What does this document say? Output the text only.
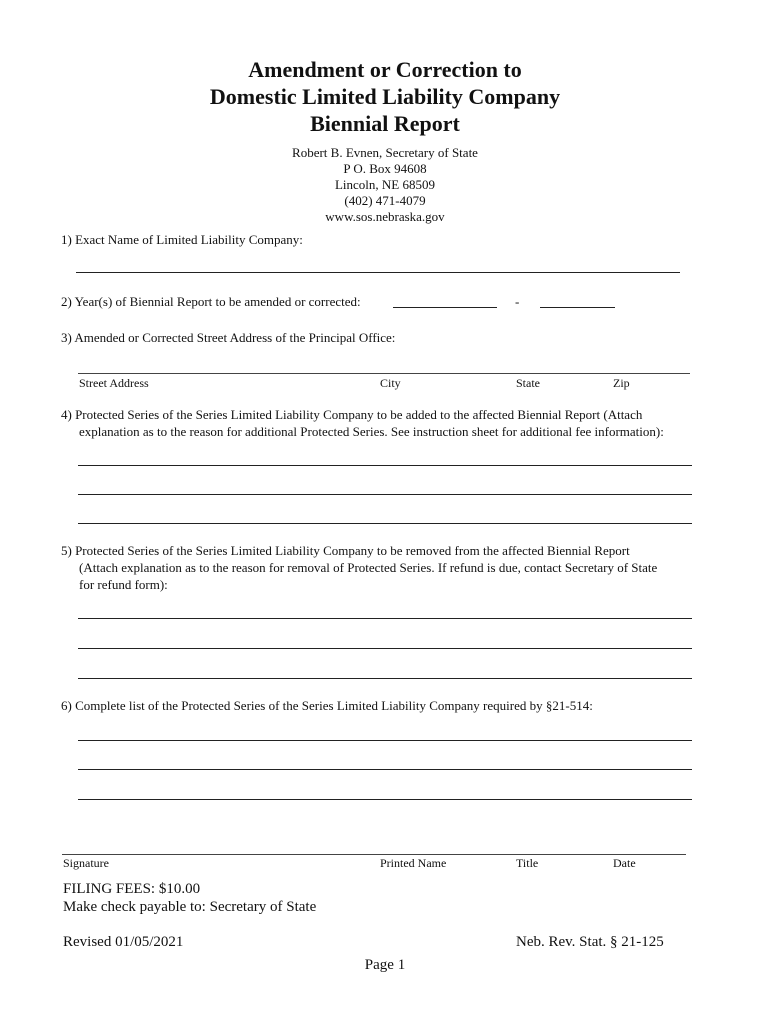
Amendment or Correction to
Domestic Limited Liability Company
Biennial Report
Robert B. Evnen, Secretary of State
P O. Box 94608
Lincoln, NE 68509
(402) 471-4079
www.sos.nebraska.gov
1) Exact Name of Limited Liability Company:
2) Year(s) of Biennial Report to be amended or corrected:	-
3) Amended or Corrected Street Address of the Principal Office:
Street Address	City	State	Zip
4) Protected Series of the Series Limited Liability Company to be added to the affected Biennial Report (Attach
explanation as to the reason for additional Protected Series. See instruction sheet for additional fee information):
5) Protected Series of the Series Limited Liability Company to be removed from the affected Biennial Report
(Attach explanation as to the reason for removal of Protected Series. If refund is due, contact Secretary of State
for refund form):
6) Complete list of the Protected Series of the Series Limited Liability Company required by §21-514:
Signature	Printed Name	Title	Date
FILING FEES: $10.00
Make check payable to: Secretary of State
Revised 01/05/2021	Neb. Rev. Stat. § 21-125
Page 1
